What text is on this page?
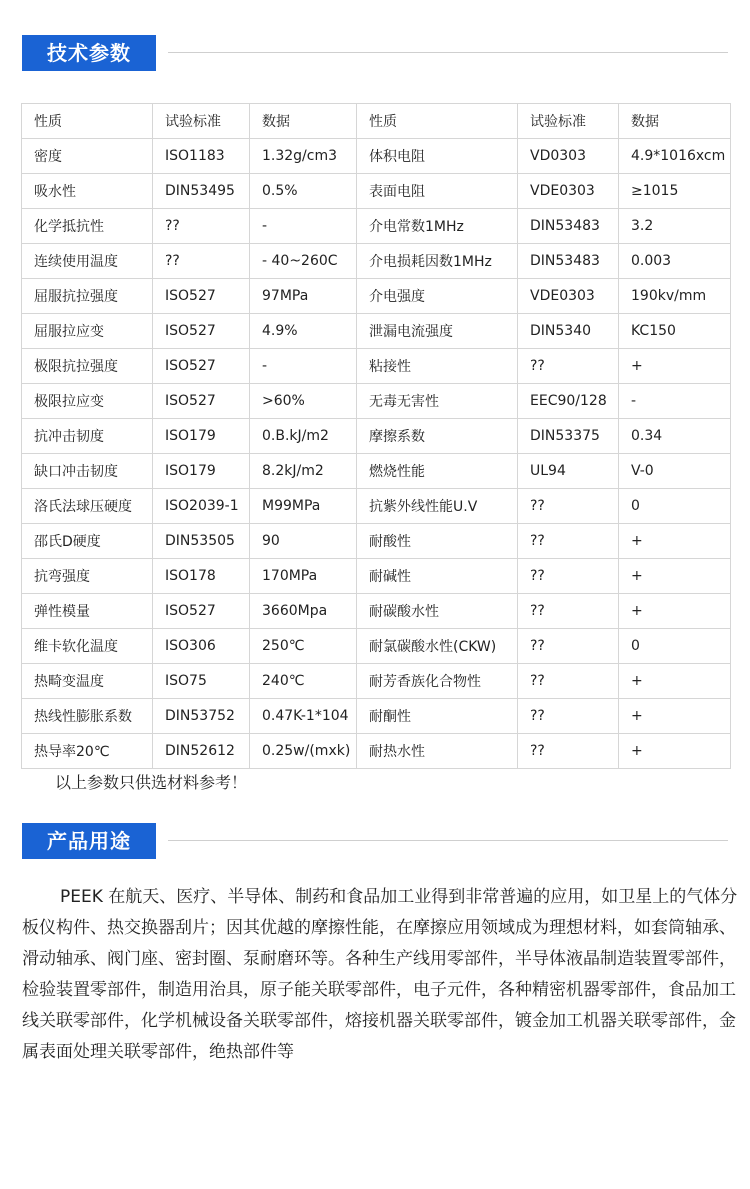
技术参数
性质	试验标准	数据	性质	试验标准	数据
密度	ISO1183	1.32g/cm3	体积电阻	VD0303	4.9*1016xcm
吸水性	DIN53495	0.5%	表面电阻	VDE0303	≥1015
化学抵抗性	??	-	介电常数1MHz	DIN53483	3.2
连续使用温度	??	- 40~260C	介电损耗因数1MHz	DIN53483	0.003
屈服抗拉强度	ISO527	97MPa	介电强度	VDE0303	190kv/mm
屈服拉应变	ISO527	4.9%	泄漏电流强度	DIN5340	KC150
极限抗拉强度	ISO527	-	粘接性	??	+
极限拉应变	ISO527	>60%	无毒无害性	EEC90/128	-
抗冲击韧度	ISO179	0.B.kJ/m2	摩擦系数	DIN53375	0.34
缺口冲击韧度	ISO179	8.2kJ/m2	燃烧性能	UL94	V-0
洛氏法球压硬度	ISO2039-1	M99MPa	抗紫外线性能U.V	??	0
邵氏D硬度	DIN53505	90	耐酸性	??	+
抗弯强度	ISO178	170MPa	耐碱性	??	+
弹性模量	ISO527	3660Mpa	耐碳酸水性	??	+
维卡软化温度	ISO306	250℃	耐氯碳酸水性(CKW)	??	0
热畸变温度	ISO75	240℃	耐芳香族化合物性	??	+
热线性膨胀系数	DIN53752	0.47K-1*104	耐酮性	??	+
热导率20℃	DIN52612	0.25w/(mxk)	耐热水性	??	+
以上参数只供选材料参考！
产品用途

PEEK 在航天、医疗、半导体、制药和食品加工业得到非常普遍的应用，如卫星上的气体分板仪构件、热交换器刮片；因其优越的摩擦性能，在摩擦应用领域成为理想材料，如套筒轴承、滑动轴承、阀门座、密封圈、泵耐磨环等。各种生产线用零部件，半导体液晶制造装置零部件，检验装置零部件，制造用治具，原子能关联零部件，电子元件，各种精密机器零部件，食品加工线关联零部件，化学机械设备关联零部件，熔接机器关联零部件，镀金加工机器关联零部件，金属表面处理关联零部件，绝热部件等
